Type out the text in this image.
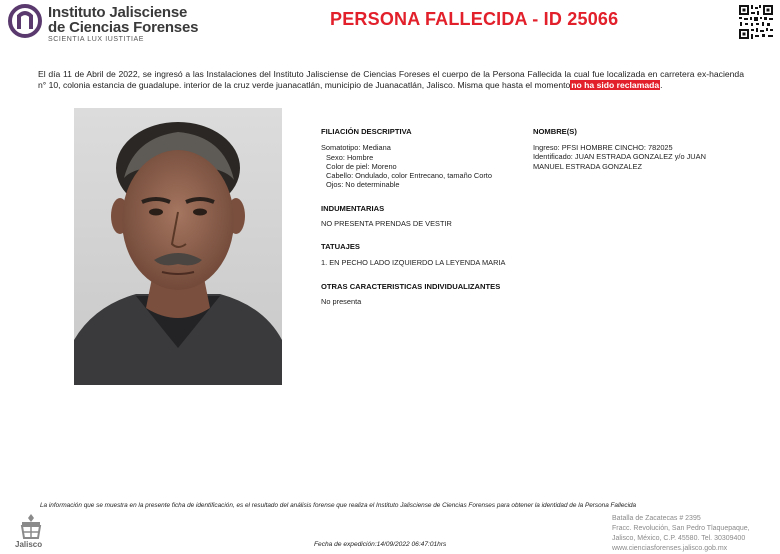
Instituto Jalisciense
de Ciencias Forenses
SCIENTIA LUX IUSTITIAE
PERSONA FALLECIDA - ID 25066
El día 11 de Abril de 2022, se ingresó a las Instalaciones del Instituto Jalisciense de Ciencias Foreses el cuerpo de la Persona Fallecida la cual fue localizada en carretera ex-hacienda n° 10, colonia estancia de guadalupe. interior de la cruz verde juanacatlán, municipio de Juanacatlán, Jalisco. Misma que hasta el momentono ha sido reclamada.
FILIACIÓN DESCRIPTIVA
Somatotipo: Mediana
Sexo: Hombre
Color de piel: Moreno
Cabello: Ondulado, color Entrecano, tamaño Corto
Ojos: No determinable
INDUMENTARIAS
NO PRESENTA PRENDAS DE VESTIR
TATUAJES
1. EN PECHO LADO IZQUIERDO LA LEYENDA MARIA
OTRAS CARACTERISTICAS INDIVIDUALIZANTES
No presenta
NOMBRE(S)
Ingreso: PFSI HOMBRE CINCHO: 782025
Identificado: JUAN ESTRADA GONZALEZ y/o JUAN MANUEL ESTRADA GONZALEZ
La información que se muestra en la presente ficha de identificación, es el resultado del análisis forense que realiza el Instituto Jalisciense de Ciencias Forenses para obtener la identidad de la Persona Fallecida
Jalisco	Fecha de expedición:14/09/2022 06:47:01hrs
Batalla de Zacatecas # 2395
Fracc. Revolución, San Pedro Tlaquepaque,
Jalisco, México, C.P. 45580. Tel. 30309400
www.cienciasforenses.jalisco.gob.mx
